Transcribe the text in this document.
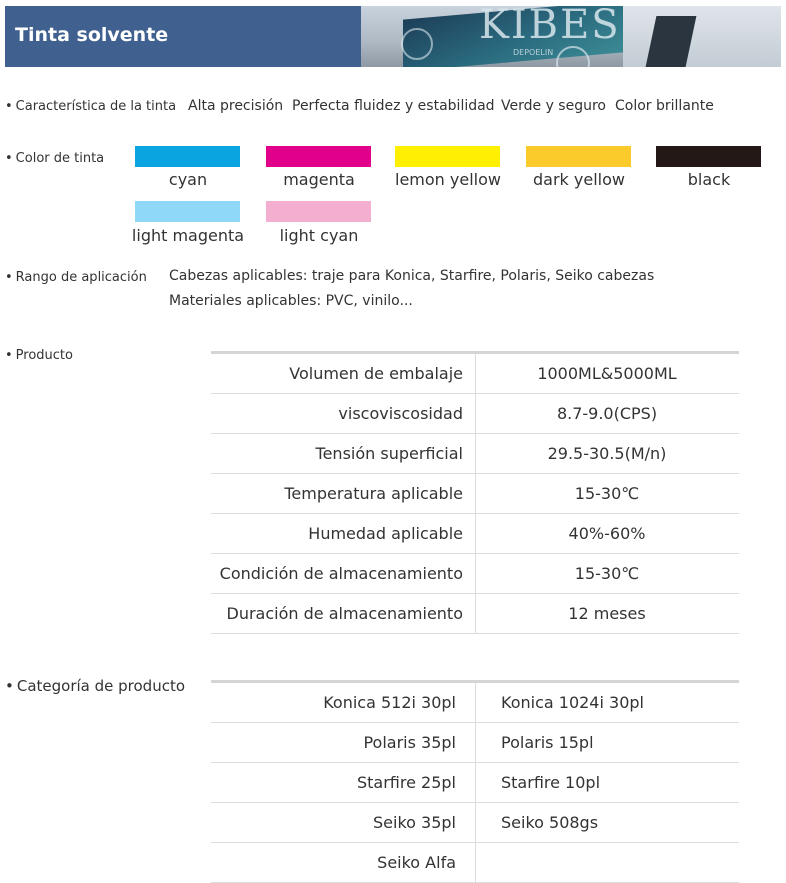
Tinta solvente	KIBES
DEPOELIN
• Característica de la tinta Alta precisión Perfecta fluidez y estabilidad Verde y seguro Color brillante
• Color de tinta
cyan	magenta	lemon yellow	dark yellow	black
light magenta	light cyan
• Rango de aplicación Cabezas aplicables: traje para Konica, Starfire, Polaris, Seiko cabezas
Materiales aplicables: PVC, vinilo...
• Producto
Volumen de embalaje	1000ML&5000ML
viscoviscosidad	8.7-9.0(CPS)
Tensión superficial	29.5-30.5(M/n)
Temperatura aplicable	15-30℃
Humedad aplicable	40%-60%
Condición de almacenamiento	15-30℃
Duración de almacenamiento	12 meses
• Categoría de producto
Konica 512i 30pl	Konica 1024i 30pl
Polaris 35pl	Polaris 15pl
Starfire 25pl	Starfire 10pl
Seiko 35pl	Seiko 508gs
Seiko Alfa
